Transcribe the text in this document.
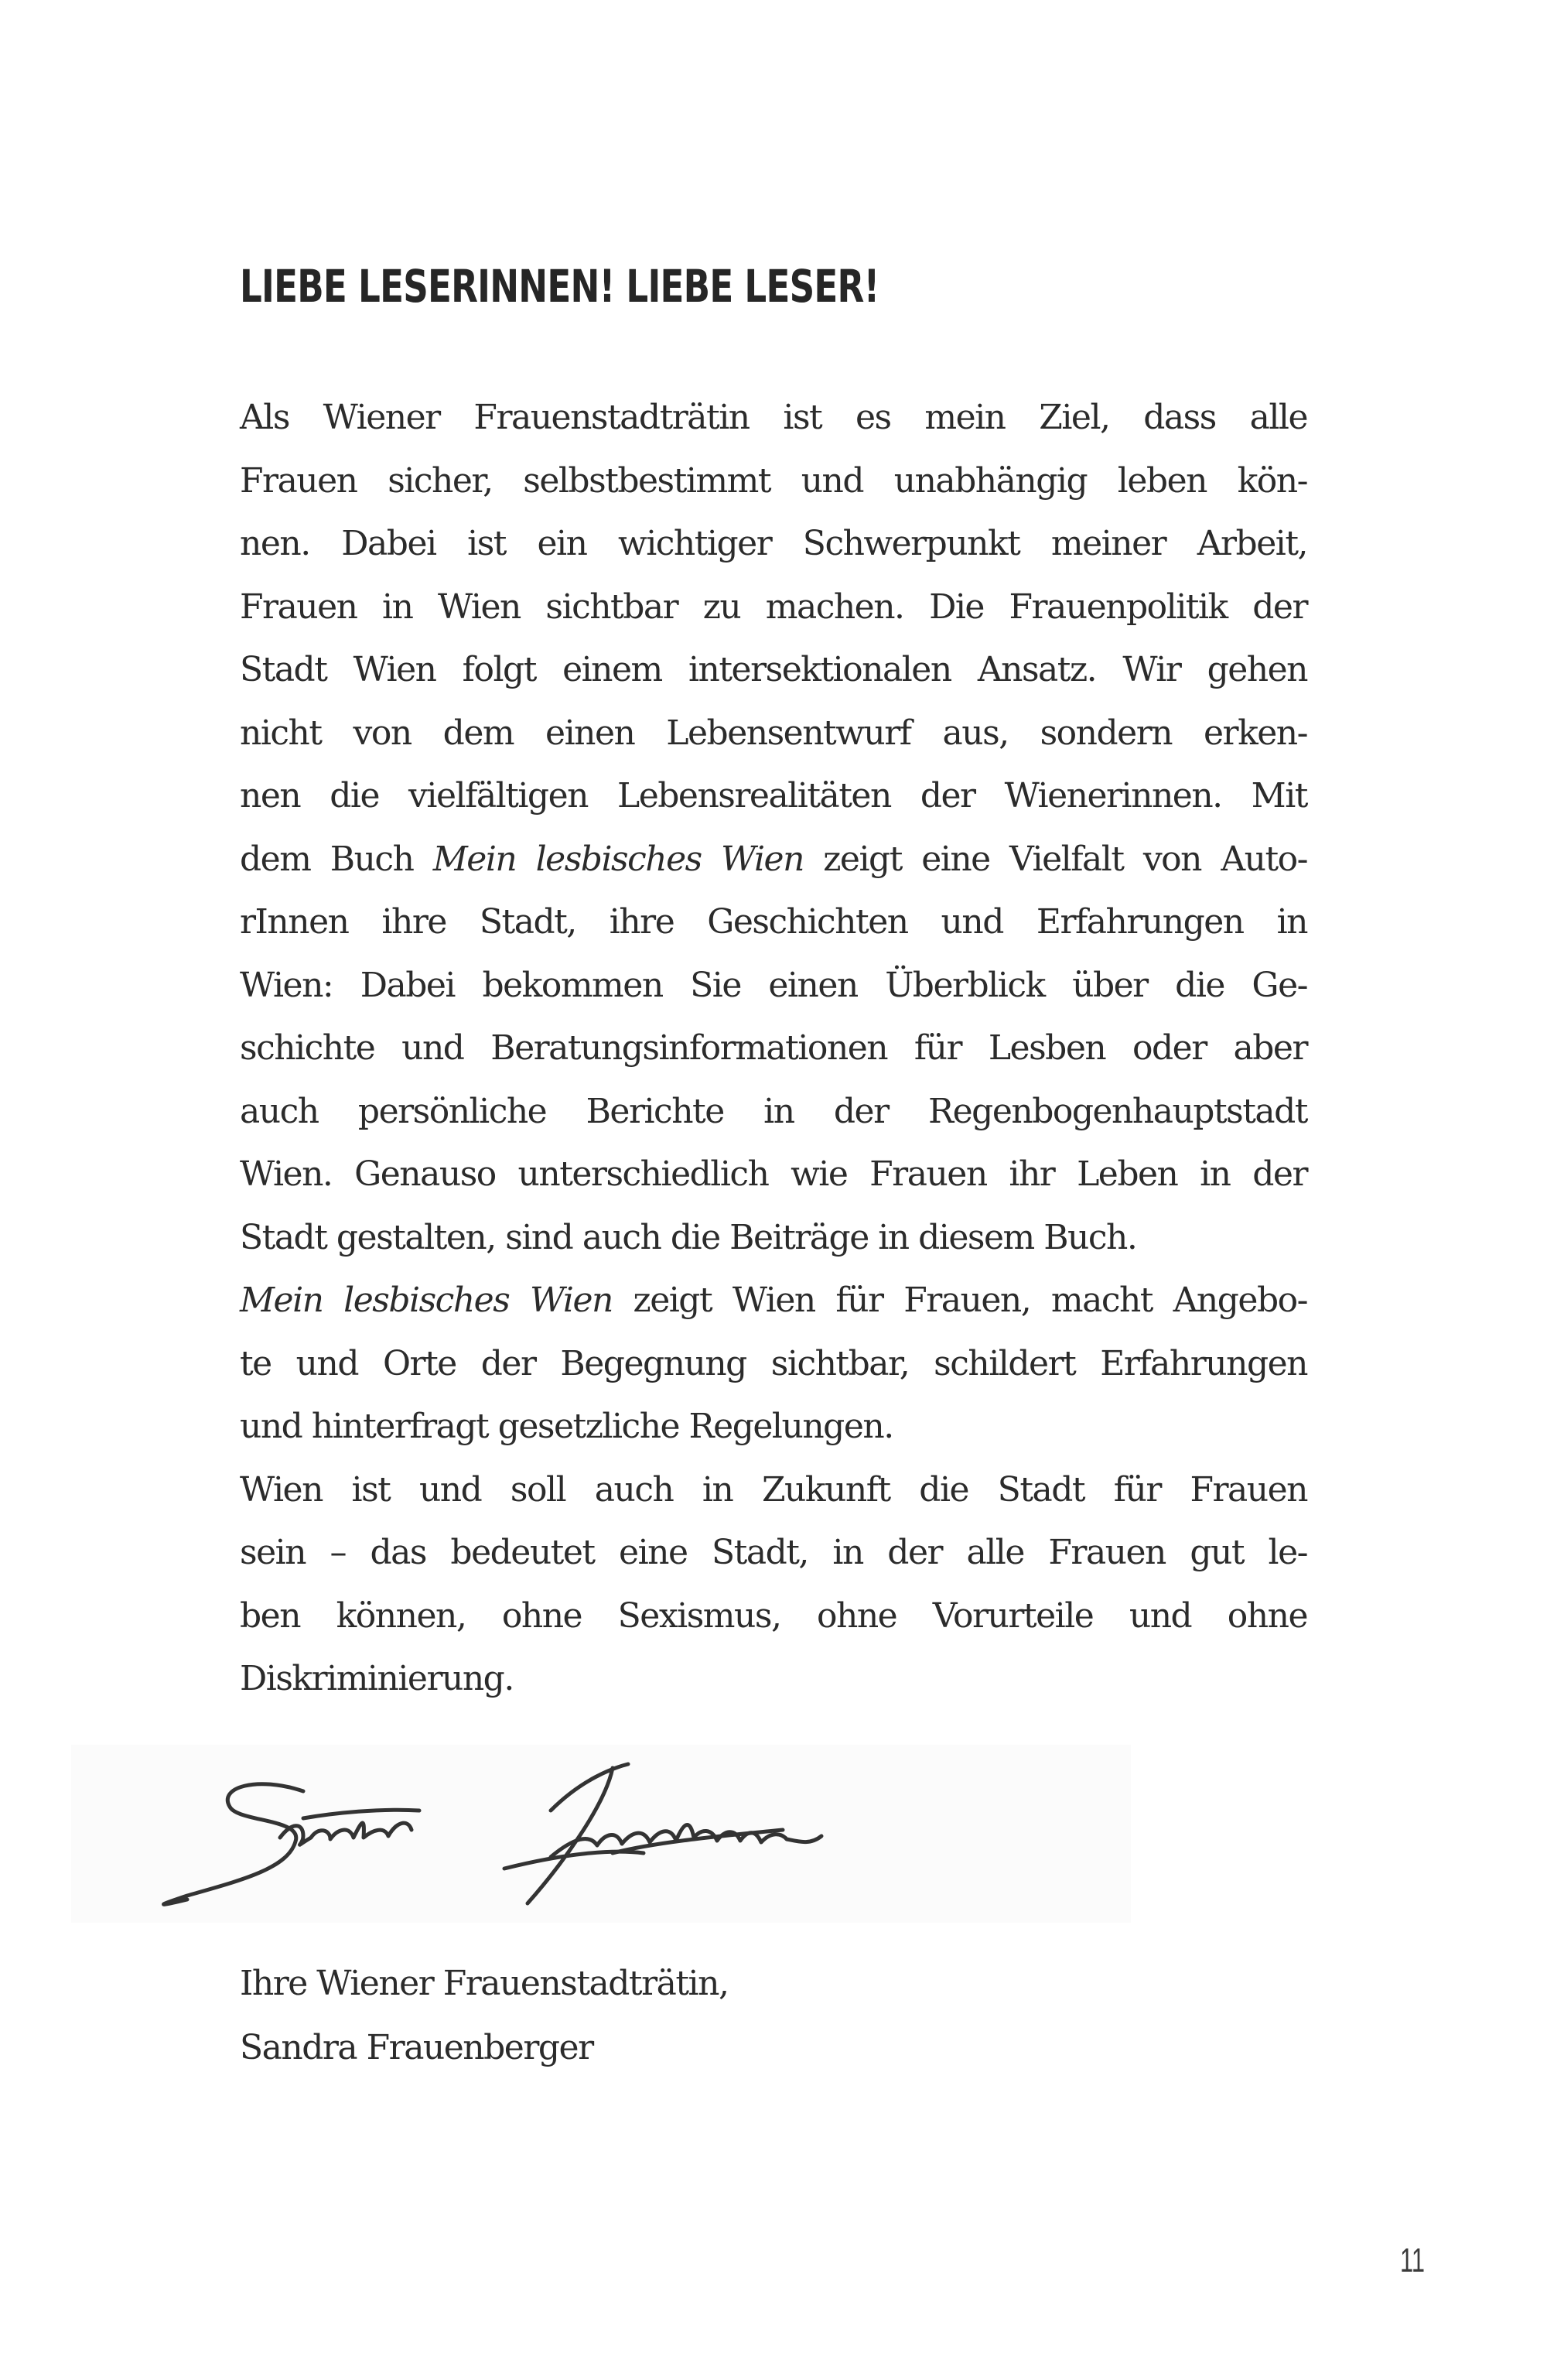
LIEBE LESERINNEN! LIEBE LESER!
Als Wiener Frauenstadträtin ist es mein Ziel, dass alle
Frauen sicher, selbstbestimmt und unabhängig leben kön-
nen. Dabei ist ein wichtiger Schwerpunkt meiner Arbeit,
Frauen in Wien sichtbar zu machen. Die Frauenpolitik der
Stadt Wien folgt einem intersektionalen Ansatz. Wir gehen
nicht von dem einen Lebensentwurf aus, sondern erken-
nen die vielfältigen Lebensrealitäten der Wienerinnen. Mit
dem Buch Mein lesbisches Wien zeigt eine Vielfalt von Auto-
rInnen ihre Stadt, ihre Geschichten und Erfahrungen in
Wien: Dabei bekommen Sie einen Überblick über die Ge-
schichte und Beratungsinformationen für Lesben oder aber
auch persönliche Berichte in der Regenbogenhauptstadt
Wien. Genauso unterschiedlich wie Frauen ihr Leben in der
Stadt gestalten, sind auch die Beiträge in diesem Buch.
Mein lesbisches Wien zeigt Wien für Frauen, macht Angebo-
te und Orte der Begegnung sichtbar, schildert Erfahrungen
und hinterfragt gesetzliche Regelungen.
Wien ist und soll auch in Zukunft die Stadt für Frauen
sein – das bedeutet eine Stadt, in der alle Frauen gut le-
ben können, ohne Sexismus, ohne Vorurteile und ohne
Diskriminierung.
Ihre Wiener Frauenstadträtin,
Sandra Frauenberger
11
